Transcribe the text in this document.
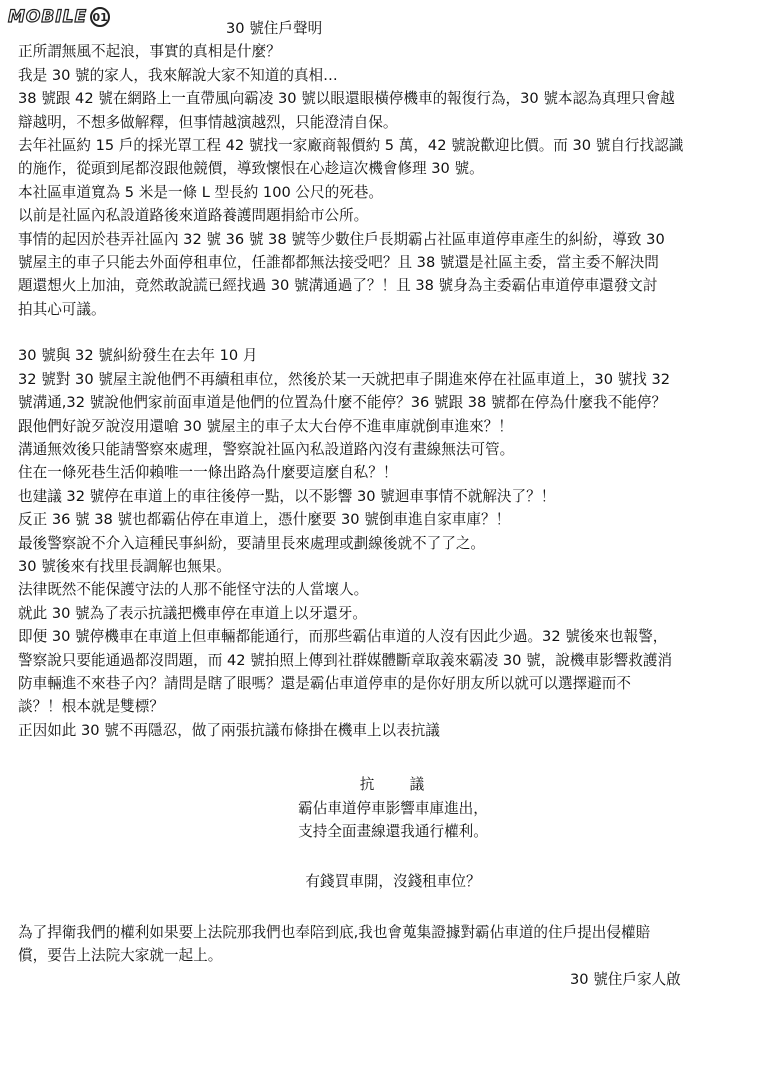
MOBILE 01

30 號住戶聲明

正所謂無風不起浪，事實的真相是什麼？

我是 30 號的家人，我來解說大家不知道的真相…

38 號跟 42 號在網路上一直帶風向霸凌 30 號以眼還眼橫停機車的報復行為，30 號本認為真理只會越

辯越明，不想多做解釋，但事情越演越烈，只能澄清自保。

去年社區約 15 戶的採光罩工程 42 號找一家廠商報價約 5 萬，42 號說歡迎比價。而 30 號自行找認識

的施作，從頭到尾都沒跟他競價，導致懷恨在心趁這次機會修理 30 號。

本社區車道寬為 5 米是一條 L 型長約 100 公尺的死巷。

以前是社區內私設道路後來道路養護問題捐給市公所。

事情的起因於巷弄社區內 32 號 36 號 38 號等少數住戶長期霸占社區車道停車產生的糾紛，導致 30

號屋主的車子只能去外面停租車位，任誰都都無法接受吧？且 38 號還是社區主委，當主委不解決問

題還想火上加油，竟然敢說謊已經找過 30 號溝通過了？！且 38 號身為主委霸佔車道停車還發文討

拍其心可議。

30 號與 32 號糾紛發生在去年 10 月

32 號對 30 號屋主說他們不再續租車位，然後於某一天就把車子開進來停在社區車道上，30 號找 32

號溝通,32 號說他們家前面車道是他們的位置為什麼不能停？36 號跟 38 號都在停為什麼我不能停？

跟他們好說歹說沒用還嗆 30 號屋主的車子太大台停不進車庫就倒車進來？！

溝通無效後只能請警察來處理，警察說社區內私設道路內沒有畫線無法可管。

住在一條死巷生活仰賴唯一一條出路為什麼要這麼自私？！

也建議 32 號停在車道上的車往後停一點，以不影響 30 號迴車事情不就解決了？！

反正 36 號 38 號也都霸佔停在車道上，憑什麼要 30 號倒車進自家車庫？！

最後警察說不介入這種民事糾紛，要請里長來處理或劃線後就不了了之。

30 號後來有找里長調解也無果。

法律既然不能保護守法的人那不能怪守法的人當壞人。

就此 30 號為了表示抗議把機車停在車道上以牙還牙。

即便 30 號停機車在車道上但車輛都能通行，而那些霸佔車道的人沒有因此少過。32 號後來也報警，

警察說只要能通過都沒問題，而 42 號拍照上傳到社群媒體斷章取義來霸凌 30 號，說機車影響救護消

防車輛進不來巷子內？請問是瞎了眼嗎？還是霸佔車道停車的是你好朋友所以就可以選擇避而不

談？！根本就是雙標？

正因如此 30 號不再隱忍，做了兩張抗議布條掛在機車上以表抗議

抗　　議

霸佔車道停車影響車庫進出，

支持全面畫線還我通行權利。

有錢買車開，沒錢租車位？

為了捍衛我們的權利如果要上法院那我們也奉陪到底,我也會蒐集證據對霸佔車道的住戶提出侵權賠

償，要告上法院大家就一起上。

30 號住戶家人啟
